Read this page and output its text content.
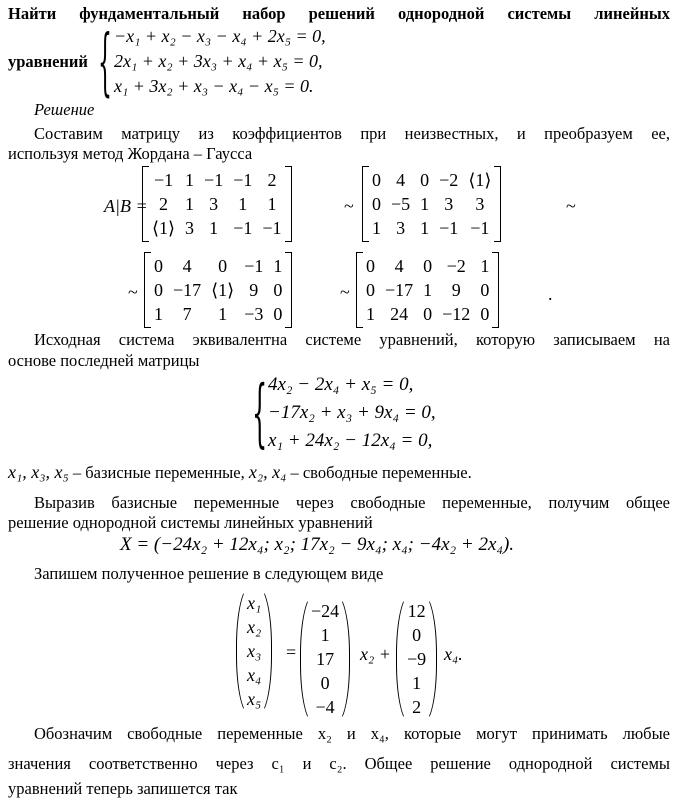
Найти фундаментальный набор решений однородной системы линейных
уравнений { −x₁ + x₂ − x₃ − x₄ + 2x₅ = 0,
2x₁ + x₂ + 3x₃ + x₄ + x₅ = 0,
x₁ + 3x₂ + x₃ − x₄ − x₅ = 0.
Решение
Составим матрицу из коэффициентов при неизвестных, и преобразуем ее,
используя метод Жордана – Гаусса
A|B =
−1	1	−1	−1	2
2	1	3	1	1
⟨1⟩	3	1	−1	−1
~
0	4	0	−2	⟨1⟩
0	−5	1	3	3
1	3	1	−1	−1
~
~
0	4	0	−1	1
0	−17	⟨1⟩	9	0
1	7	1	−3	0
~
0	4	0	−2	1
0	−17	1	9	0
1	24	0	−12	0
.
Исходная система эквивалентна системе уравнений, которую записываем на
основе последней матрицы
{ 4x₂ − 2x₄ + x₅ = 0,
−17x₂ + x₃ + 9x₄ = 0,
x₁ + 24x₂ − 12x₄ = 0,
x₁, x₃, x₅ – базисные переменные, x₂, x₄ – свободные переменные.
Выразив базисные переменные через свободные переменные, получим общее
решение однородной системы линейных уравнений
X = (−24x₂ + 12x₄; x₂; 17x₂ − 9x₄; x₄; −4x₂ + 2x₄).
Запишем полученное решение в следующем виде
x₁
x₂
x₃
x₄
x₅
=
−24
1
17
0
−4
x₂ +
12
0
−9
1
2
x₄.
Обозначим свободные переменные x₂ и x₄, которые могут принимать любые
значения соответственно через c₁ и c₂. Общее решение однородной системы
уравнений теперь запишется так
